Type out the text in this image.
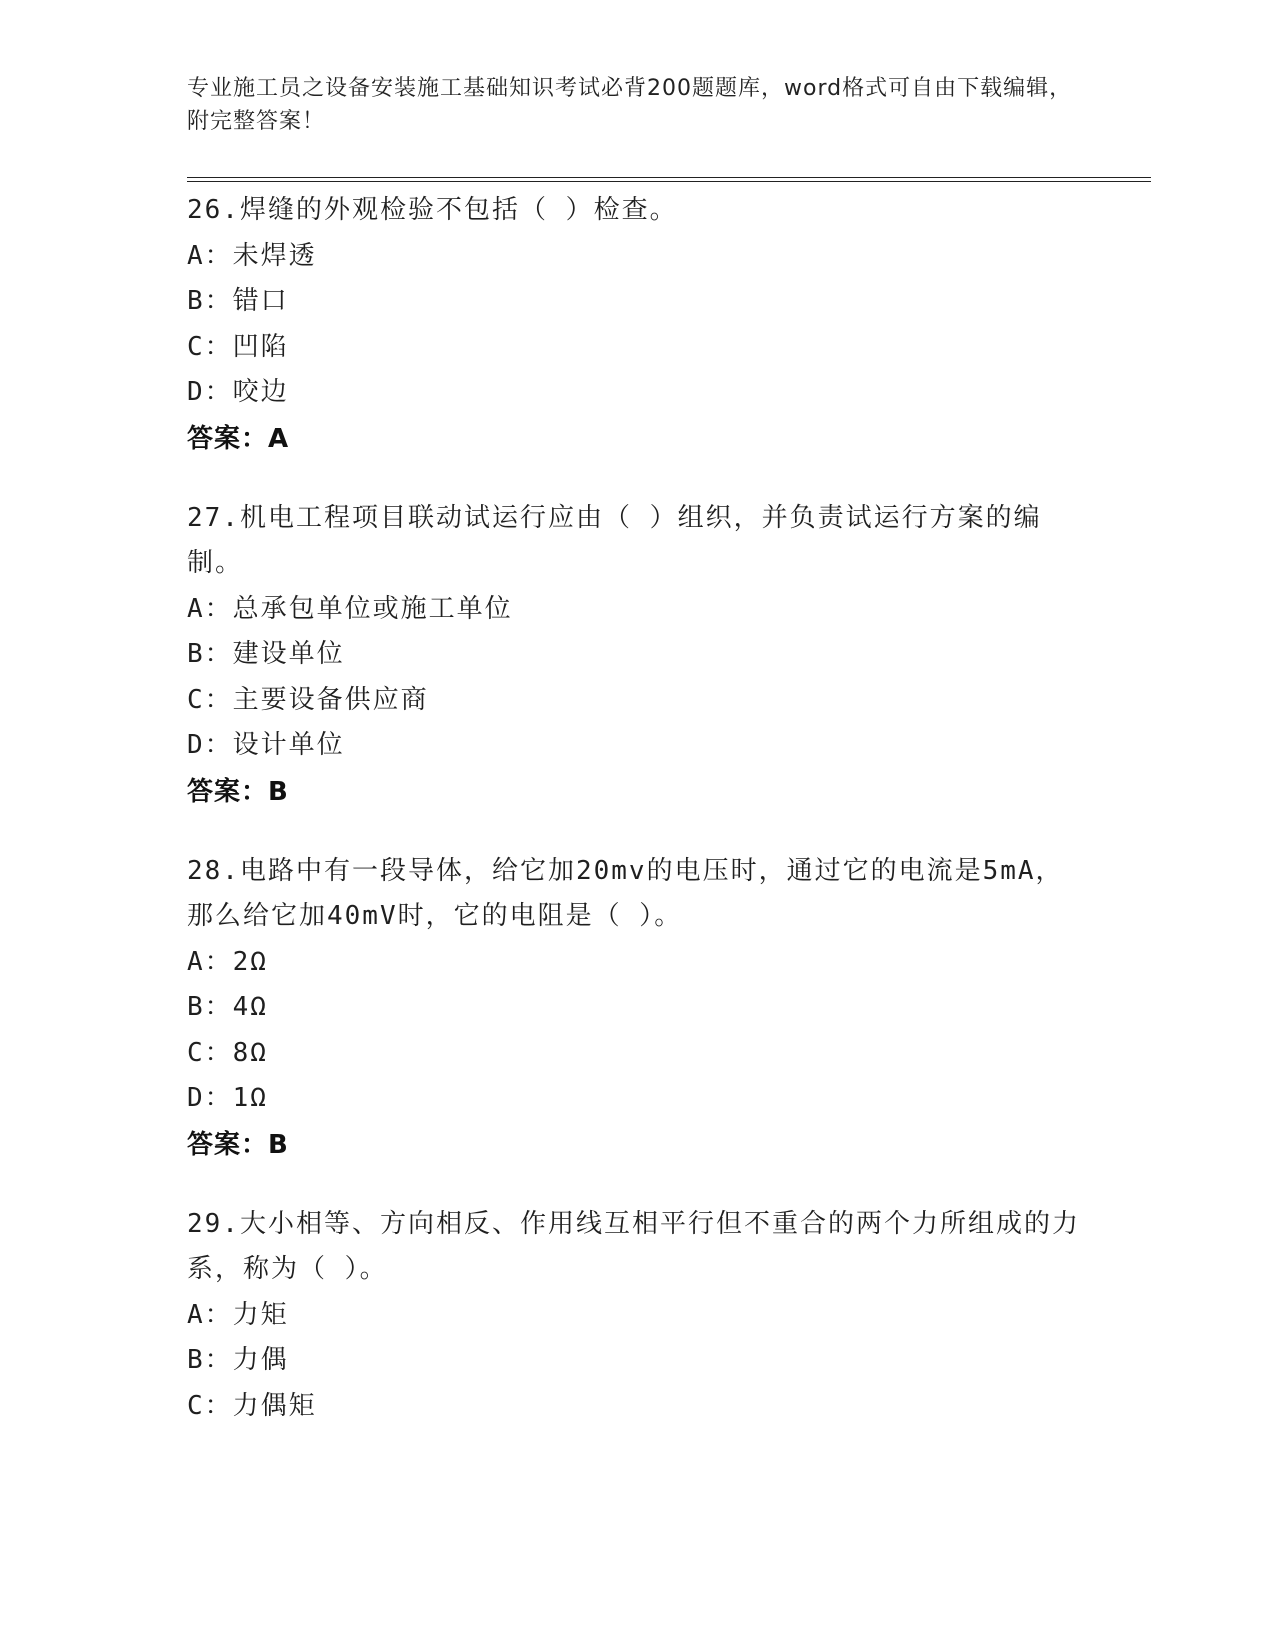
专业施工员之设备安装施工基础知识考试必背200题题库，word格式可自由下载编辑，附完整答案！
26.焊缝的外观检验不包括（ ）检查。
A：未焊透
B：错口
C：凹陷
D：咬边
答案：A
27.机电工程项目联动试运行应由（ ）组织，并负责试运行方案的编制。
A：总承包单位或施工单位
B：建设单位
C：主要设备供应商
D：设计单位
答案：B
28.电路中有一段导体，给它加20mv的电压时，通过它的电流是5mA，那么给它加40mV时，它的电阻是（ ）。
A：2Ω
B：4Ω
C：8Ω
D：1Ω
答案：B
29.大小相等、方向相反、作用线互相平行但不重合的两个力所组成的力系，称为（ ）。
A：力矩
B：力偶
C：力偶矩
